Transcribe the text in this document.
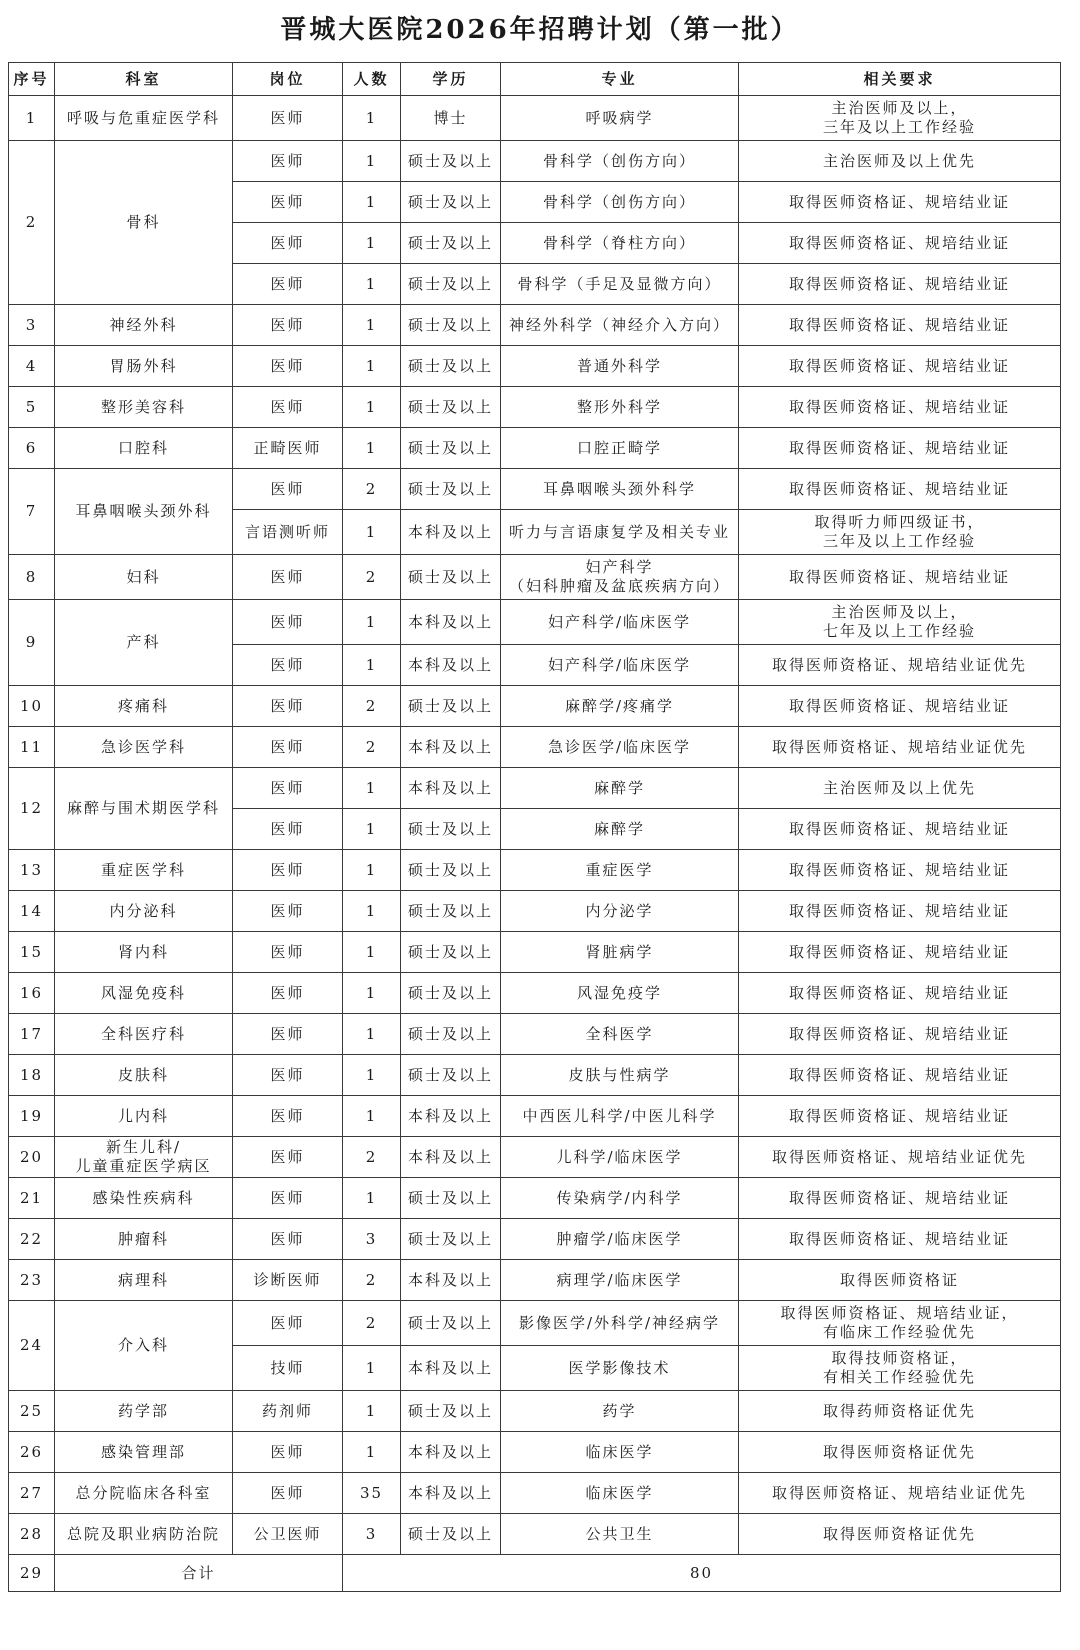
晋城大医院2026年招聘计划（第一批）
序号	科室	岗位	人数	学历	专业	相关要求
1	呼吸与危重症医学科	医师	1	博士	呼吸病学	主治医师及以上，
三年及以上工作经验
2	骨科	医师	1	硕士及以上	骨科学（创伤方向）	主治医师及以上优先
		医师	1	硕士及以上	骨科学（创伤方向）	取得医师资格证、规培结业证
		医师	1	硕士及以上	骨科学（脊柱方向）	取得医师资格证、规培结业证
		医师	1	硕士及以上	骨科学（手足及显微方向）	取得医师资格证、规培结业证
3	神经外科	医师	1	硕士及以上	神经外科学（神经介入方向）	取得医师资格证、规培结业证
4	胃肠外科	医师	1	硕士及以上	普通外科学	取得医师资格证、规培结业证
5	整形美容科	医师	1	硕士及以上	整形外科学	取得医师资格证、规培结业证
6	口腔科	正畸医师	1	硕士及以上	口腔正畸学	取得医师资格证、规培结业证
7	耳鼻咽喉头颈外科	医师	2	硕士及以上	耳鼻咽喉头颈外科学	取得医师资格证、规培结业证
		言语测听师	1	本科及以上	听力与言语康复学及相关专业	取得听力师四级证书，
三年及以上工作经验
8	妇科	医师	2	硕士及以上	妇产科学
（妇科肿瘤及盆底疾病方向）	取得医师资格证、规培结业证
9	产科	医师	1	本科及以上	妇产科学/临床医学	主治医师及以上，
七年及以上工作经验
		医师	1	本科及以上	妇产科学/临床医学	取得医师资格证、规培结业证优先
10	疼痛科	医师	2	硕士及以上	麻醉学/疼痛学	取得医师资格证、规培结业证
11	急诊医学科	医师	2	本科及以上	急诊医学/临床医学	取得医师资格证、规培结业证优先
12	麻醉与围术期医学科	医师	1	本科及以上	麻醉学	主治医师及以上优先
		医师	1	硕士及以上	麻醉学	取得医师资格证、规培结业证
13	重症医学科	医师	1	硕士及以上	重症医学	取得医师资格证、规培结业证
14	内分泌科	医师	1	硕士及以上	内分泌学	取得医师资格证、规培结业证
15	肾内科	医师	1	硕士及以上	肾脏病学	取得医师资格证、规培结业证
16	风湿免疫科	医师	1	硕士及以上	风湿免疫学	取得医师资格证、规培结业证
17	全科医疗科	医师	1	硕士及以上	全科医学	取得医师资格证、规培结业证
18	皮肤科	医师	1	硕士及以上	皮肤与性病学	取得医师资格证、规培结业证
19	儿内科	医师	1	本科及以上	中西医儿科学/中医儿科学	取得医师资格证、规培结业证
20	新生儿科/
儿童重症医学病区	医师	2	本科及以上	儿科学/临床医学	取得医师资格证、规培结业证优先
21	感染性疾病科	医师	1	硕士及以上	传染病学/内科学	取得医师资格证、规培结业证
22	肿瘤科	医师	3	硕士及以上	肿瘤学/临床医学	取得医师资格证、规培结业证
23	病理科	诊断医师	2	本科及以上	病理学/临床医学	取得医师资格证
24	介入科	医师	2	硕士及以上	影像医学/外科学/神经病学	取得医师资格证、规培结业证，
有临床工作经验优先
		技师	1	本科及以上	医学影像技术	取得技师资格证，
有相关工作经验优先
25	药学部	药剂师	1	硕士及以上	药学	取得药师资格证优先
26	感染管理部	医师	1	本科及以上	临床医学	取得医师资格证优先
27	总分院临床各科室	医师	35	本科及以上	临床医学	取得医师资格证、规培结业证优先
28	总院及职业病防治院	公卫医师	3	硕士及以上	公共卫生	取得医师资格证优先
29	合计		80			
